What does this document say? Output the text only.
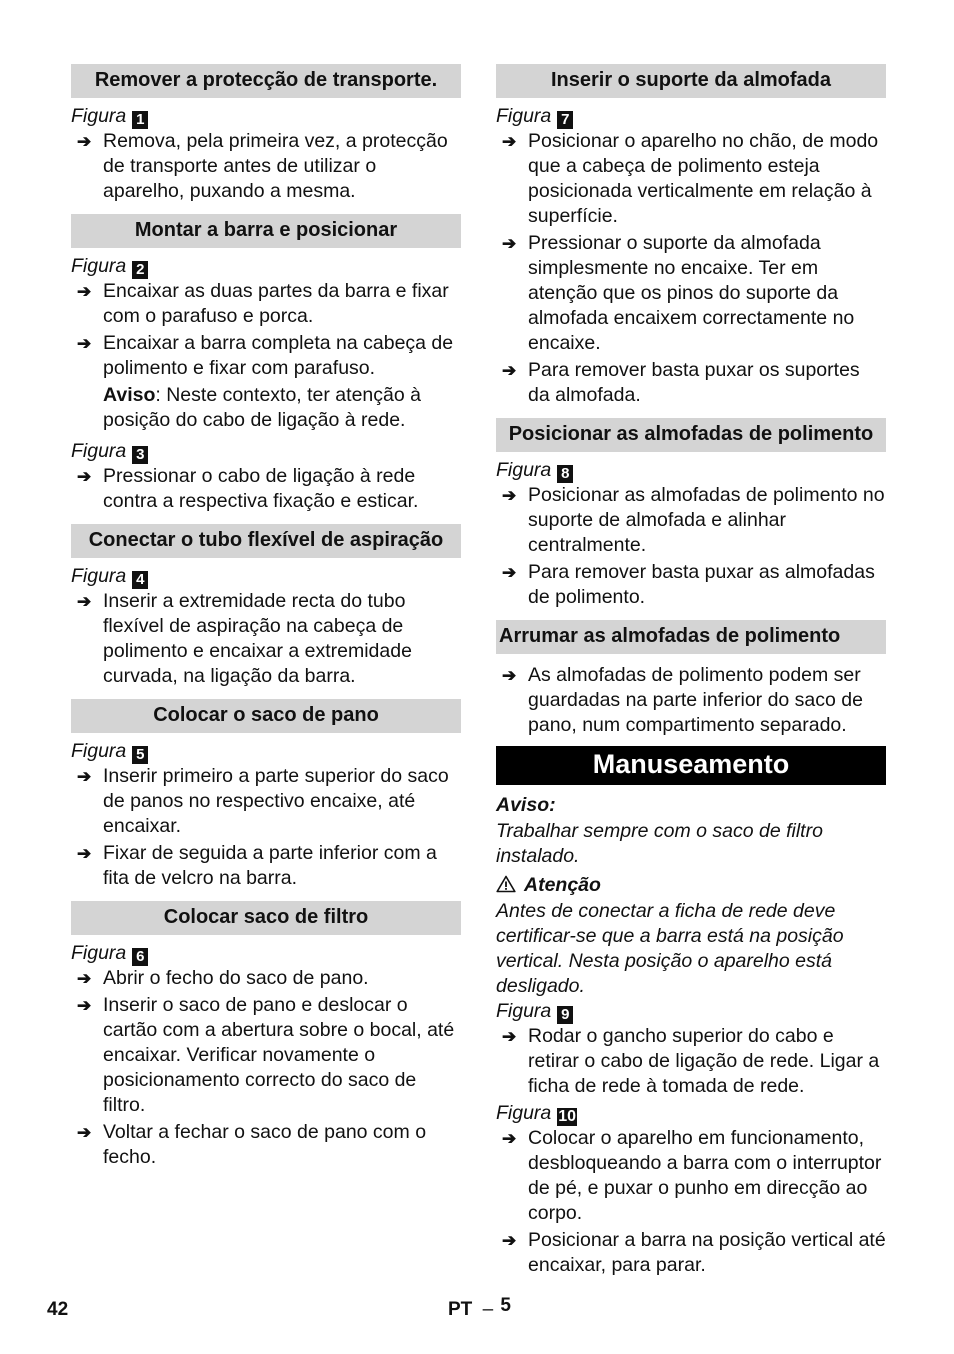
Remover a protecção de transporte.
Figura 1
➔ Remova, pela primeira vez, a protecção de transporte antes de utilizar o aparelho, puxando a mesma.
Montar a barra e posicionar
Figura 2
➔ Encaixar as duas partes da barra e fixar com o parafuso e porca.
➔ Encaixar a barra completa na cabeça de polimento e fixar com parafuso.
Aviso: Neste contexto, ter atenção à posição do cabo de ligação à rede.
Figura 3
➔ Pressionar o cabo de ligação à rede contra a respectiva fixação e esticar.
Conectar o tubo flexível de aspiração
Figura 4
➔ Inserir a extremidade recta do tubo flexível de aspiração na cabeça de polimento e encaixar a extremidade curvada, na ligação da barra.
Colocar o saco de pano
Figura 5
➔ Inserir primeiro a parte superior do saco de panos no respectivo encaixe, até encaixar.
➔ Fixar de seguida a parte inferior com a fita de velcro na barra.
Colocar saco de filtro
Figura 6
➔ Abrir o fecho do saco de pano.
➔ Inserir o saco de pano e deslocar o cartão com a abertura sobre o bocal, até encaixar. Verificar novamente o posicionamento correcto do saco de filtro.
➔ Voltar a fechar o saco de pano com o fecho.
Inserir o suporte da almofada
Figura 7
➔ Posicionar o aparelho no chão, de modo que a cabeça de polimento esteja posicionada verticalmente em relação à superfície.
➔ Pressionar o suporte da almofada simplesmente no encaixe. Ter em atenção que os pinos do suporte da almofada encaixem correctamente no encaixe.
➔ Para remover basta puxar os suportes da almofada.
Posicionar as almofadas de polimento
Figura 8
➔ Posicionar as almofadas de polimento no suporte de almofada e alinhar centralmente.
➔ Para remover basta puxar as almofadas de polimento.
Arrumar as almofadas de polimento
➔ As almofadas de polimento podem ser guardadas na parte inferior do saco de pano, num compartimento separado.
Manuseamento
Aviso:
Trabalhar sempre com o saco de filtro instalado.
Atenção
Antes de conectar a ficha de rede deve certificar-se que a barra está na posição vertical. Nesta posição o aparelho está desligado.
Figura 9
➔ Rodar o gancho superior do cabo e retirar o cabo de ligação de rede. Ligar a ficha de rede à tomada de rede.
Figura 10
➔ Colocar o aparelho em funcionamento, desbloqueando a barra com o interruptor de pé, e puxar o punho em direcção ao corpo.
➔ Posicionar a barra na posição vertical até encaixar, para parar.
42	PT – 5
